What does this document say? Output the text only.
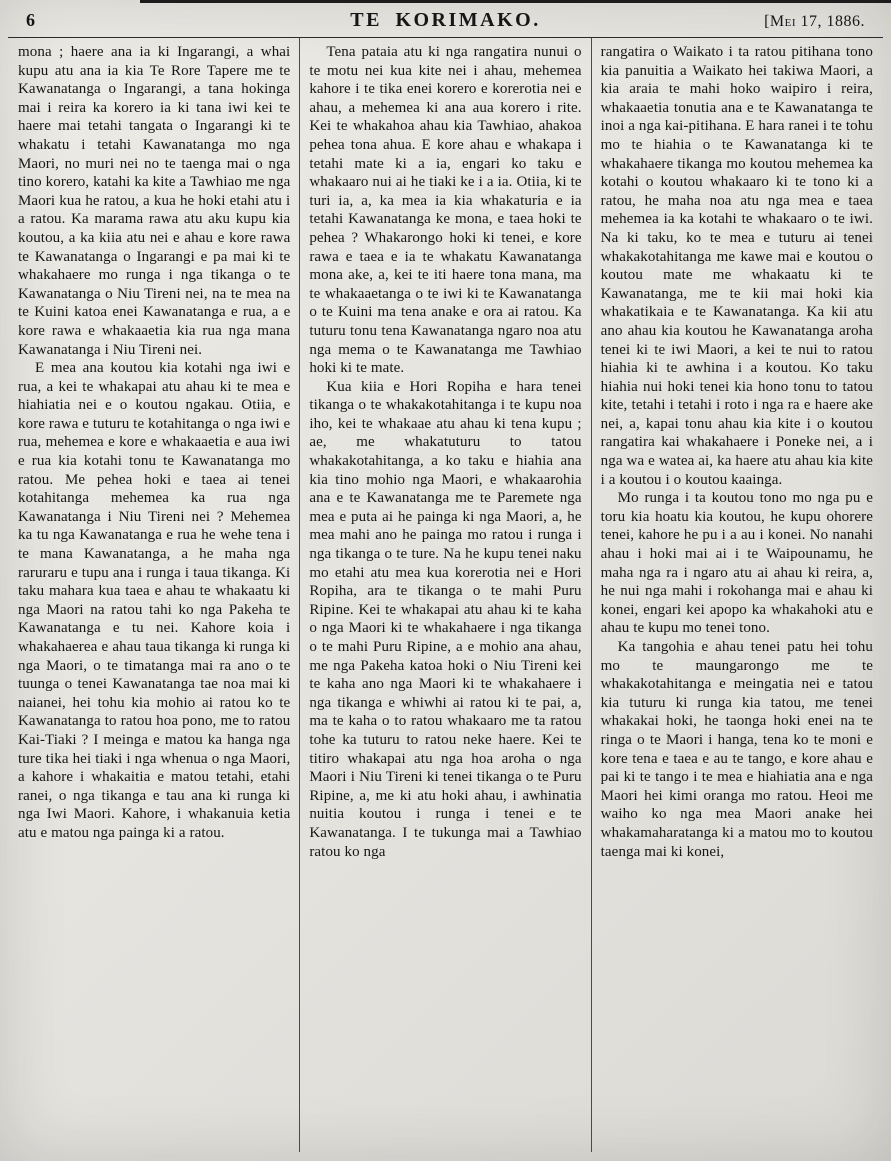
6	TE KORIMAKO.	[Mei 17, 1886.

mona ; haere ana ia ki Ingarangi, a whai kupu atu ana ia kia Te Rore Tapere me te Kawanatanga o Ingarangi, a tana hokinga mai i reira ka korero ia ki tana iwi kei te haere mai tetahi tangata o Ingarangi ki te whakatu i tetahi Kawanatanga mo nga Maori, no muri nei no te taenga mai o nga tino korero, katahi ka kite a Tawhiao me nga Maori kua he ratou, a kua he hoki etahi atu i a ratou. Ka marama rawa atu aku kupu kia koutou, a ka kiia atu nei e ahau e kore rawa te Kawanatanga o Ingarangi e pa mai ki te whakahaere mo runga i nga tikanga o te Kawanatanga o Niu Tireni nei, na te mea na te Kuini katoa enei Kawanatanga e rua, a e kore rawa e whakaaetia kia rua nga mana Kawanatanga i Niu Tireni nei.

E mea ana koutou kia kotahi nga iwi e rua, a kei te whakapai atu ahau ki te mea e hiahiatia nei e o koutou ngakau. Otiia, e kore rawa e tuturu te kotahitanga o nga iwi e rua, mehemea e kore e whakaaetia e aua iwi e rua kia kotahi tonu te Kawanatanga mo ratou. Me pehea hoki e taea ai tenei kotahitanga mehemea ka rua nga Kawanatanga i Niu Tireni nei ? Mehemea ka tu nga Kawanatanga e rua he wehe tena i te mana Kawanatanga, a he maha nga raruraru e tupu ana i runga i taua tikanga. Ki taku mahara kua taea e ahau te whakaatu ki nga Maori na ratou tahi ko nga Pakeha te Kawanatanga e tu nei. Kahore koia i whakahaerea e ahau taua tikanga ki runga ki nga Maori, o te timatanga mai ra ano o te tuunga o tenei Kawanatanga tae noa mai ki naianei, hei tohu kia mohio ai ratou ko te Kawanatanga to ratou hoa pono, me to ratou Kai-Tiaki ? I meinga e matou ka hanga nga ture tika hei tiaki i nga whenua o nga Maori, a kahore i whakaitia e matou tetahi, etahi ranei, o nga tikanga e tau ana ki runga ki nga Iwi Maori. Kahore, i whakanuia ketia atu e matou nga painga ki a ratou.

Tena pataia atu ki nga rangatira nunui o te motu nei kua kite nei i ahau, mehemea kahore i te tika enei korero e korerotia nei e ahau, a mehemea ki ana aua korero i rite. Kei te whakahoa ahau kia Tawhiao, ahakoa pehea tona ahua. E kore ahau e whakapa i tetahi mate ki a ia, engari ko taku e whakaaro nui ai he tiaki ke i a ia. Otiia, ki te turi ia, a, ka mea ia kia whakaturia e ia tetahi Kawanatanga ke mona, e taea hoki te pehea ? Whakarongo hoki ki tenei, e kore rawa e taea e ia te whakatu Kawanatanga mona ake, a, kei te iti haere tona mana, ma te whakaaetanga o te iwi ki te Kawanatanga o te Kuini ma tena anake e ora ai ratou. Ka tuturu tonu tena Kawanatanga ngaro noa atu nga mema o te Kawanatanga me Tawhiao hoki ki te mate.

Kua kiia e Hori Ropiha e hara tenei tikanga o te whakakotahitanga i te kupu noa iho, kei te whakaae atu ahau ki tena kupu ; ae, me whakatuturu to tatou whakakotahitanga, a ko taku e hiahia ana kia tino mohio nga Maori, e whakaarohia ana e te Kawanatanga me te Paremete nga mea e puta ai he painga ki nga Maori, a, he mea mahi ano he painga mo ratou i runga i nga tikanga o te ture. Na he kupu tenei naku mo etahi atu mea kua korerotia nei e Hori Ropiha, ara te tikanga o te mahi Puru Ripine. Kei te whakapai atu ahau ki te kaha o nga Maori ki te whakahaere i nga tikanga o te mahi Puru Ripine, a e mohio ana ahau, me nga Pakeha katoa hoki o Niu Tireni kei te kaha ano nga Maori ki te whakahaere i nga tikanga e whiwhi ai ratou ki te pai, a, ma te kaha o to ratou whakaaro me ta ratou tohe ka tuturu to ratou neke haere. Kei te titiro whakapai atu nga hoa aroha o nga Maori i Niu Tireni ki tenei tikanga o te Puru Ripine, a, me ki atu hoki ahau, i awhinatia nuitia koutou i runga i tenei e te Kawanatanga. I te tukunga mai a Tawhiao ratou ko nga

rangatira o Waikato i ta ratou pitihana tono kia panuitia a Waikato hei takiwa Maori, a kia araia te mahi hoko waipiro i reira, whakaaetia tonutia ana e te Kawanatanga te inoi a nga kai-pitihana. E hara ranei i te tohu mo te hiahia o te Kawanatanga ki te whakahaere tikanga mo koutou mehemea ka kotahi o koutou whakaaro ki te tono ki a ratou, he maha noa atu nga mea e taea mehemea ia ka kotahi te whakaaro o te iwi. Na ki taku, ko te mea e tuturu ai tenei whakakotahitanga me kawe mai e koutou o koutou mate me whakaatu ki te Kawanatanga, me te kii mai hoki kia whakatikaia e te Kawanatanga. Ka kii atu ano ahau kia koutou he Kawanatanga aroha tenei ki te iwi Maori, a kei te nui to ratou hiahia ki te awhina i a koutou. Ko taku hiahia nui hoki tenei kia hono tonu to tatou kite, tetahi i tetahi i roto i nga ra e haere ake nei, a, kapai tonu ahau kia kite i o koutou rangatira kai whakahaere i Poneke nei, a i nga wa e watea ai, ka haere atu ahau kia kite i a koutou i o koutou kaainga.

Mo runga i ta koutou tono mo nga pu e toru kia hoatu kia koutou, he kupu ohorere tenei, kahore he pu i a au i konei. No nanahi ahau i hoki mai ai i te Waipounamu, he maha nga ra i ngaro atu ai ahau ki reira, a, he nui nga mahi i rokohanga mai e ahau ki konei, engari kei apopo ka whakahoki atu e ahau te kupu mo tenei tono.

Ka tangohia e ahau tenei patu hei tohu mo te maungarongo me te whakakotahitanga e meingatia nei e tatou kia tuturu ki runga kia tatou, me tenei whakakai hoki, he taonga hoki enei na te ringa o te Maori i hanga, tena ko te moni e kore tena e taea e au te tango, e kore ahau e pai ki te tango i te mea e hiahiatia ana e nga Maori hei kimi oranga mo ratou. Heoi me waiho ko nga mea Maori anake hei whakamaharatanga ki a matou mo to koutou taenga mai ki konei,
